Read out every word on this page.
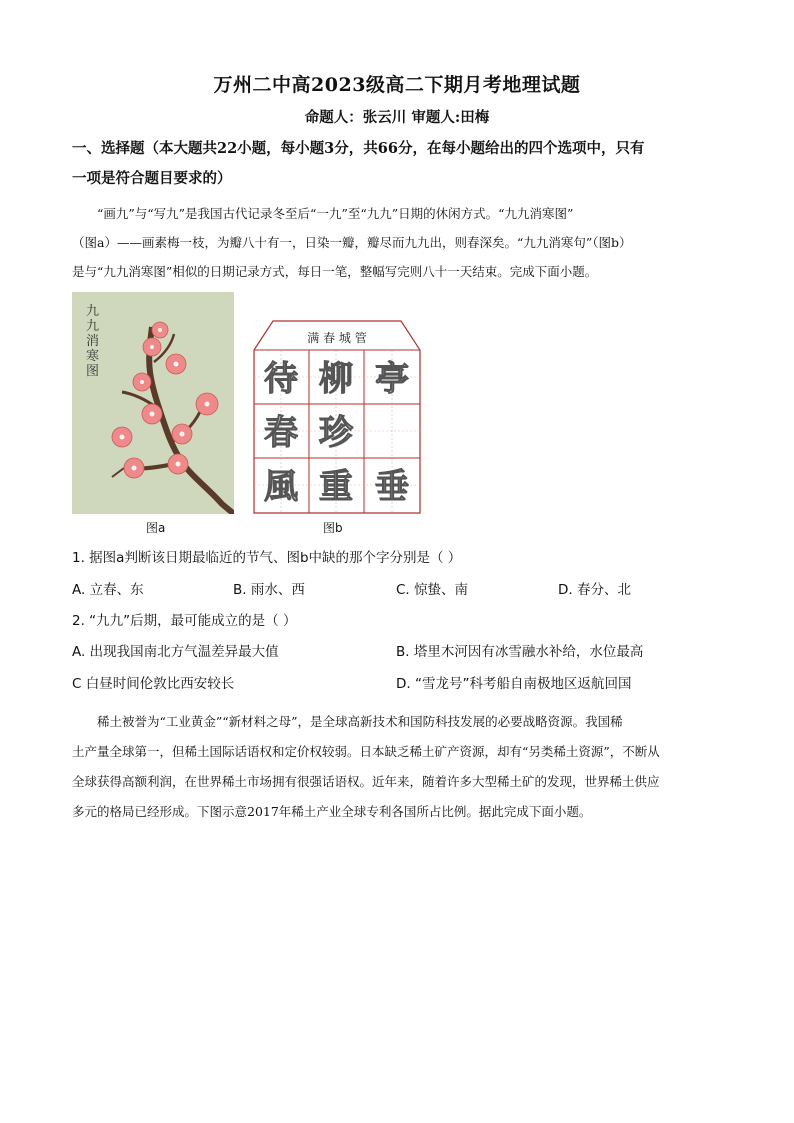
万州二中高2023级高二下期月考地理试题
命题人：张云川 审题人:田梅
一、选择题（本大题共22小题，每小题3分，共66分，在每小题给出的四个选项中，只有
一项是符合题目要求的）
“画九”与“写九”是我国古代记录冬至后“一九”至“九九”日期的休闲方式。“九九消寒图”
（图a）——画素梅一枝，为瓣八十有一，日染一瓣，瓣尽而九九出，则春深矣。“九九消寒句”（图b）
是与“九九消寒图”相似的日期记录方式，每日一笔，整幅写完则八十一天结束。完成下面小题。
九
九
消
寒
图
图a
满 春 城 管
待 柳 亭
春 珍
風 重 垂
图b
1. 据图a判断该日期最临近的节气、图b中缺的那个字分别是（ ）
A. 立春、东	B. 雨水、西	C. 惊蛰、南	D. 春分、北
2. “九九”后期，最可能成立的是（ ）
A. 出现我国南北方气温差异最大值	B. 塔里木河因有冰雪融水补给，水位最高
C 白昼时间伦敦比西安较长	D. “雪龙号”科考船自南极地区返航回国
稀土被誉为“工业黄金”“新材料之母”，是全球高新技术和国防科技发展的必要战略资源。我国稀
土产量全球第一，但稀土国际话语权和定价权较弱。日本缺乏稀土矿产资源，却有“另类稀土资源”，不断从
全球获得高额利润，在世界稀土市场拥有很强话语权。近年来，随着许多大型稀土矿的发现，世界稀土供应
多元的格局已经形成。下图示意2017年稀土产业全球专利各国所占比例。据此完成下面小题。
